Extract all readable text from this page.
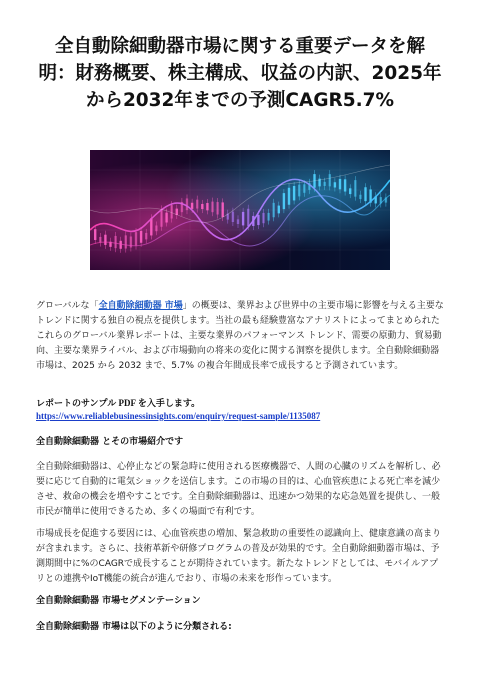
全自動除細動器市場に関する重要データを解
明：財務概要、株主構成、収益の内訳、2025年
から2032年までの予測CAGR5.7%

グローバルな「全自動除細動器 市場」の概要は、業界および世界中の主要市場に影響を与える主要なトレンドに関する独自の視点を提供します。当社の最も経験豊富なアナリストによってまとめられたこれらのグローバル業界レポートは、主要な業界のパフォーマンス トレンド、需要の原動力、貿易動向、主要な業界ライバル、および市場動向の将来の変化に関する洞察を提供します。全自動除細動器 市場は、2025 から 2032 まで、5.7% の複合年間成長率で成長すると予測されています。

レポートのサンプル PDF を入手します。

https://www.reliablebusinessinsights.com/enquiry/request-sample/1135087

全自動除細動器 とその市場紹介です

全自動除細動器は、心停止などの緊急時に使用される医療機器で、人間の心臓のリズムを解析し、必要に応じて自動的に電気ショックを送信します。この市場の目的は、心血管疾患による死亡率を減少させ、救命の機会を増やすことです。全自動除細動器は、迅速かつ効果的な応急処置を提供し、一般市民が簡単に使用できるため、多くの場面で有利です。

市場成長を促進する要因には、心血管疾患の増加、緊急救助の重要性の認識向上、健康意識の高まりが含まれます。さらに、技術革新や研修プログラムの普及が効果的です。全自動除細動器市場は、予測期間中に%のCAGRで成長することが期待されています。新たなトレンドとしては、モバイルアプリとの連携やIoT機能の統合が進んでおり、市場の未来を形作っています。

全自動除細動器 市場セグメンテーション

全自動除細動器 市場は以下のように分類される:
